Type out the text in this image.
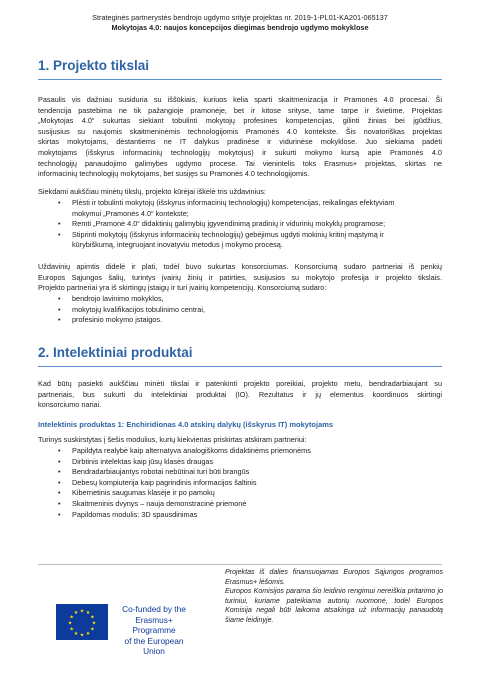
Strateginės partnerystės bendrojo ugdymo srityje projektas nr. 2019-1-PL01-KA201-065137
Mokytojas 4.0: naujos koncepcijos diegimas bendrojo ugdymo mokyklose
1. Projekto tikslai
Pasaulis vis dažniau susiduria su iššūkiais, kuriuos kelia sparti skaitmenizacija ir Pramonės 4.0 procesai. Ši
tendencija pastebima ne tik pažangioje pramonėje, bet ir kitose srityse, tame tarpe ir švietime. Projektas
„Mokytojas 4.0“ sukurtas siekiant tobulinti mokytojų profesines kompetencijas, gilinti žinias bei įgūdžius,
susijusius su naujomis skaitmeninėmis technologijomis Pramonės 4.0 kontekste. Šis novatoriškas projektas
skirtas mokytojams, dėstantiems ne IT dalykus pradinėse ir vidurinėse mokyklose. Juo siekiama padėti
mokytojams (išskyrus informacinių technologijų mokytojus) ir sukurti mokymo kursą apie Pramonės 4.0
technologijų panaudojimo galimybes ugdymo procese. Tai vienintelis toks Erasmus+ projektas, skirtas ne
informacinių technologijų mokytojams, bet susijęs su Pramonės 4.0 technologijomis.
Siekdami aukščiau minėtų tikslų, projekto kūrėjai iškėlė tris uždavinius:
• Plėsti ir tobulinti mokytojų (išskyrus informacinių technologijų) kompetencijas, reikalingas efektyviam
mokymui „Pramonės 4.0“ kontekste;
• Remti „Pramonė 4.0“ didaktinių galimybių įgyvendinimą pradinių ir vidurinių mokyklų programose;
• Stiprinti mokytojų (išskyrus informacinių technologijų) gebėjimus ugdyti mokinių kritinį mąstymą ir
kūrybiškumą, integruojant inovatyviu metodus į mokymo procesą.
Uždavinių apimtis didelė ir plati, todėl buvo sukurtas konsorciumas. Konsorciumą sudaro partneriai iš penkių
Europos Sąjungos šalių, turintys įvairių žinių ir patirties, susijusios su mokytojo profesija ir projekto tikslais.
Projekto partneriai yra iš skirtingų įstaigų ir turi įvairių kompetencijų. Konsorciumą sudaro:
• bendrojo lavinimo mokyklos,
• mokytojų kvalifikacijos tobulinimo centrai,
• profesinio mokymo įstaigos.
2. Intelektiniai produktai
Kad būtų pasiekti aukščiau minėti tikslai ir patenkinti projekto poreikiai, projekto metu, bendradarbiaujant su
partneriais, bus sukurti du intelektiniai produktai (IO). Rezultatus ir jų elementus koordinuos skirtingi
konsorciumo nariai.
Intelektinis produktas 1: Enchiridionas 4.0 atskirų dalykų (išskyrus IT) mokytojams
Turinys suskirstytas į šešis modulius, kurių kiekvienas priskirtas atskiram partneriui:
• Papildyta realybė kaip alternatyva analogiškoms didaktinėms priemonėms
• Dirbtinis intelektas kaip jūsų klasės draugas
• Bendradarbiaujantys robotai nebūtinai turi būti brangūs
• Debesų kompiuterija kaip pagrindinis informacijos šaltinis
• Kibernetinis saugumas klasėje ir po pamokų
• Skaitmeninis dvynys – nauja demonstracinė priemonė
• Papildomas modulis: 3D spausdinimas
★ ★
★
★
★
★
★
★
★
★
★
★	Co-funded by the
Erasmus+ Programme
of the European Union
Projektas iš dalies finansuojamas Europos Sąjungos programos
Erasmus+ lėšomis.
Europos Komisijos parama šio leidinio rengimui nereiškia pritarimo jo
turiniui, kuriame pateikiama autorių nuomonė, todėl Europos
Komisija negali būti laikoma atsakinga už informacijų panaudotą
šiame leidinyje.
